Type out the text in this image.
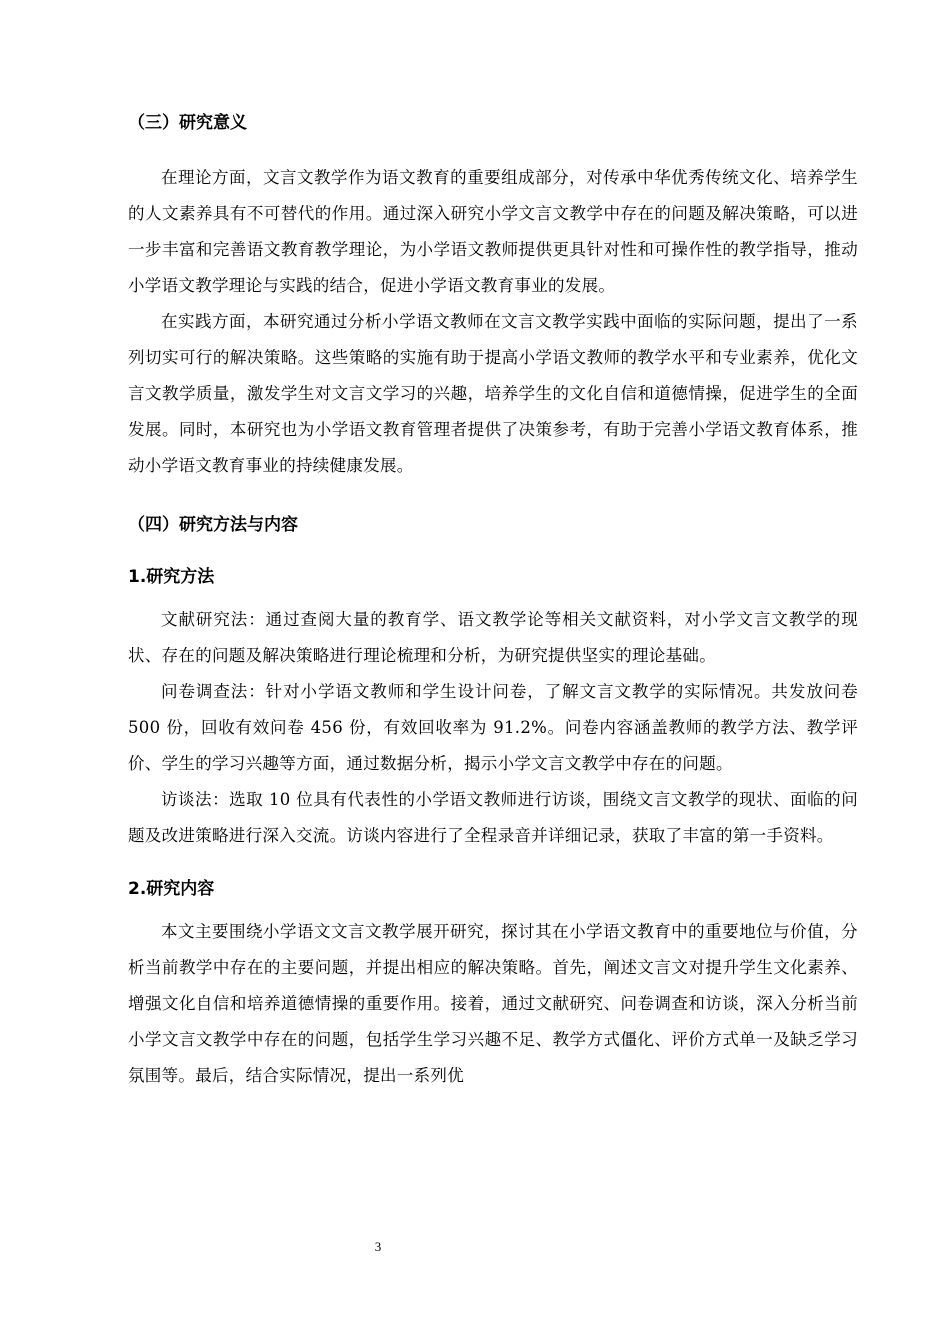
（三）研究意义

在理论方面，文言文教学作为语文教育的重要组成部分，对传承中华优秀传统文化、培养学生的人文素养具有不可替代的作用。通过深入研究小学文言文教学中存在的问题及解决策略，可以进一步丰富和完善语文教育教学理论，为小学语文教师提供更具针对性和可操作性的教学指导，推动小学语文教学理论与实践的结合，促进小学语文教育事业的发展。

在实践方面，本研究通过分析小学语文教师在文言文教学实践中面临的实际问题，提出了一系列切实可行的解决策略。这些策略的实施有助于提高小学语文教师的教学水平和专业素养，优化文言文教学质量，激发学生对文言文学习的兴趣，培养学生的文化自信和道德情操，促进学生的全面发展。同时，本研究也为小学语文教育管理者提供了决策参考，有助于完善小学语文教育体系，推动小学语文教育事业的持续健康发展。

（四）研究方法与内容

1.研究方法

文献研究法：通过查阅大量的教育学、语文教学论等相关文献资料，对小学文言文教学的现状、存在的问题及解决策略进行理论梳理和分析，为研究提供坚实的理论基础。

问卷调查法：针对小学语文教师和学生设计问卷，了解文言文教学的实际情况。共发放问卷 500 份，回收有效问卷 456 份，有效回收率为 91.2%。问卷内容涵盖教师的教学方法、教学评价、学生的学习兴趣等方面，通过数据分析，揭示小学文言文教学中存在的问题。

访谈法：选取 10 位具有代表性的小学语文教师进行访谈，围绕文言文教学的现状、面临的问题及改进策略进行深入交流。访谈内容进行了全程录音并详细记录，获取了丰富的第一手资料。

2.研究内容

本文主要围绕小学语文文言文教学展开研究，探讨其在小学语文教育中的重要地位与价值，分析当前教学中存在的主要问题，并提出相应的解决策略。首先，阐述文言文对提升学生文化素养、增强文化自信和培养道德情操的重要作用。接着，通过文献研究、问卷调查和访谈，深入分析当前小学文言文教学中存在的问题，包括学生学习兴趣不足、教学方式僵化、评价方式单一及缺乏学习氛围等。最后，结合实际情况，提出一系列优

3
